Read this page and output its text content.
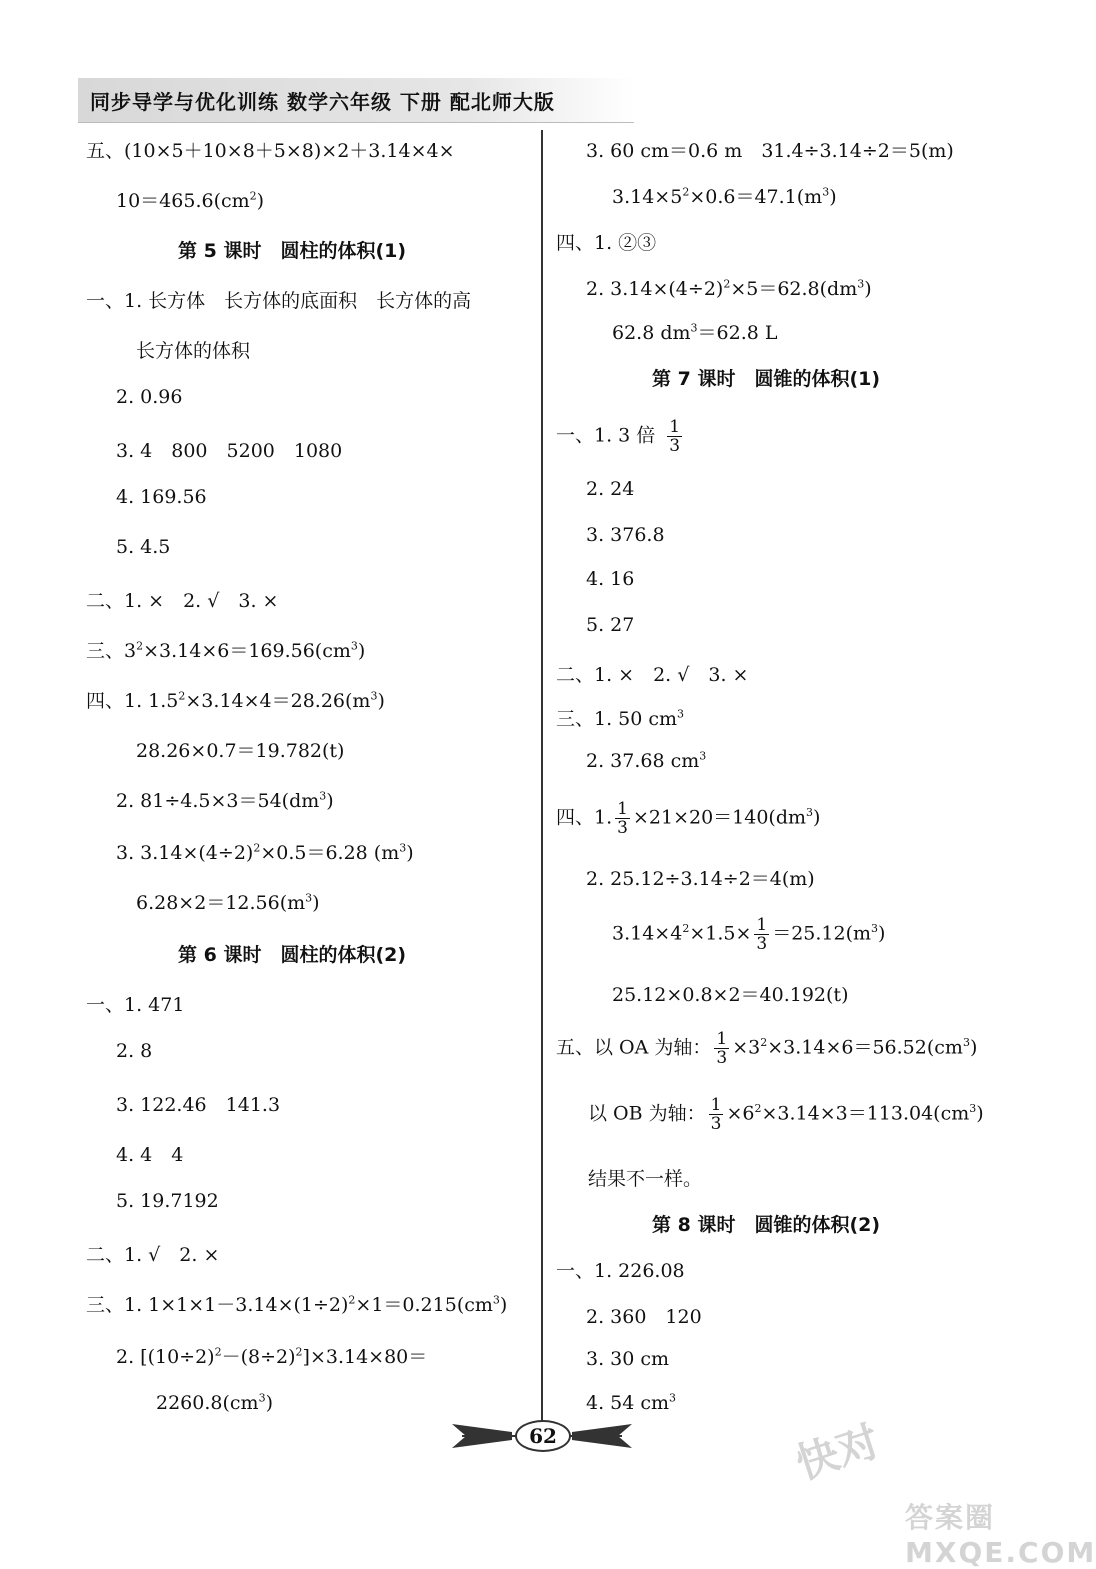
同步导学与优化训练 数学六年级 下册 配北师大版
五、(10×5＋10×8＋5×8)×2＋3.14×4×
$10=465.6(cm^2)$
第 5 课时　圆柱的体积(1)
一、1. 长方体　长方体的底面积　长方体的高
长方体的体积
2. 0.96
3. 4　800　5200　1080
4. 169.56
5. 4.5
二、1. ×　2. √　3. ×
三、$3^2\times 3.14\times 6=169.56(cm^3)$
四、1. $1.5^2\times 3.14\times 4=28.26(m^3)$
28.26×0.7＝19.782(t)
2. $81\div 4.5\times 3=54(dm^3)$
3. $3.14\times(4\div 2)^2\times 0.5=6.28$ $(m^3)$
$6.28\times 2=12.56(m^3)$
第 6 课时　圆柱的体积(2)
一、1. 471
2. 8
3. 122.46　141.3
4. 4　4
5. 19.7192
二、1. √　2. ×
三、1. $1\times 1\times 1-3.14\times(1\div 2)^2\times 1=0.215(cm^3)$
2. $[(10\div 2)^2-(8\div 2)^2]\times 3.14\times 80=$
$2260.8(cm^3)$
3. 60 cm＝0.6 m　31.4÷3.14÷2＝5(m)
$3.14\times 5^2\times 0.6=47.1(m^3)$
四、1. ②③
2. $3.14\times(4\div 2)^2\times 5=62.8(dm^3)$
62.8 $dm^3=62.8$ L
第 7 课时　圆锥的体积(1)
一、1. 3 倍 $\frac{1}{3}$
2. 24
3. 376.8
4. 16
5. 27
二、1. ×　2. √　3. ×
三、1. 50 $cm^3$
2. 37.68 $cm^3$
四、1. $\frac{1}{3} \times 21\times 20=140(dm^3)$
2. 25.12÷3.14÷2＝4(m)
$3.14\times 4^2\times 1.5\times \frac{1}{3} =25.12(m^3)$
25.12×0.8×2＝40.192(t)
五、以 OA 为轴： $\frac{1}{3} \times 3^2\times 3.14\times 6=56.52(cm^3)$
以 OB 为轴： $\frac{1}{3} \times 6^2\times 3.14\times 3=113.04(cm^3)$
结果不一样。
第 8 课时　圆锥的体积(2)
一、1. 226.08
2. 360　120
3. 30 cm
4. 54 $cm^3$
62	快对
答案圈 MXQE.COM
